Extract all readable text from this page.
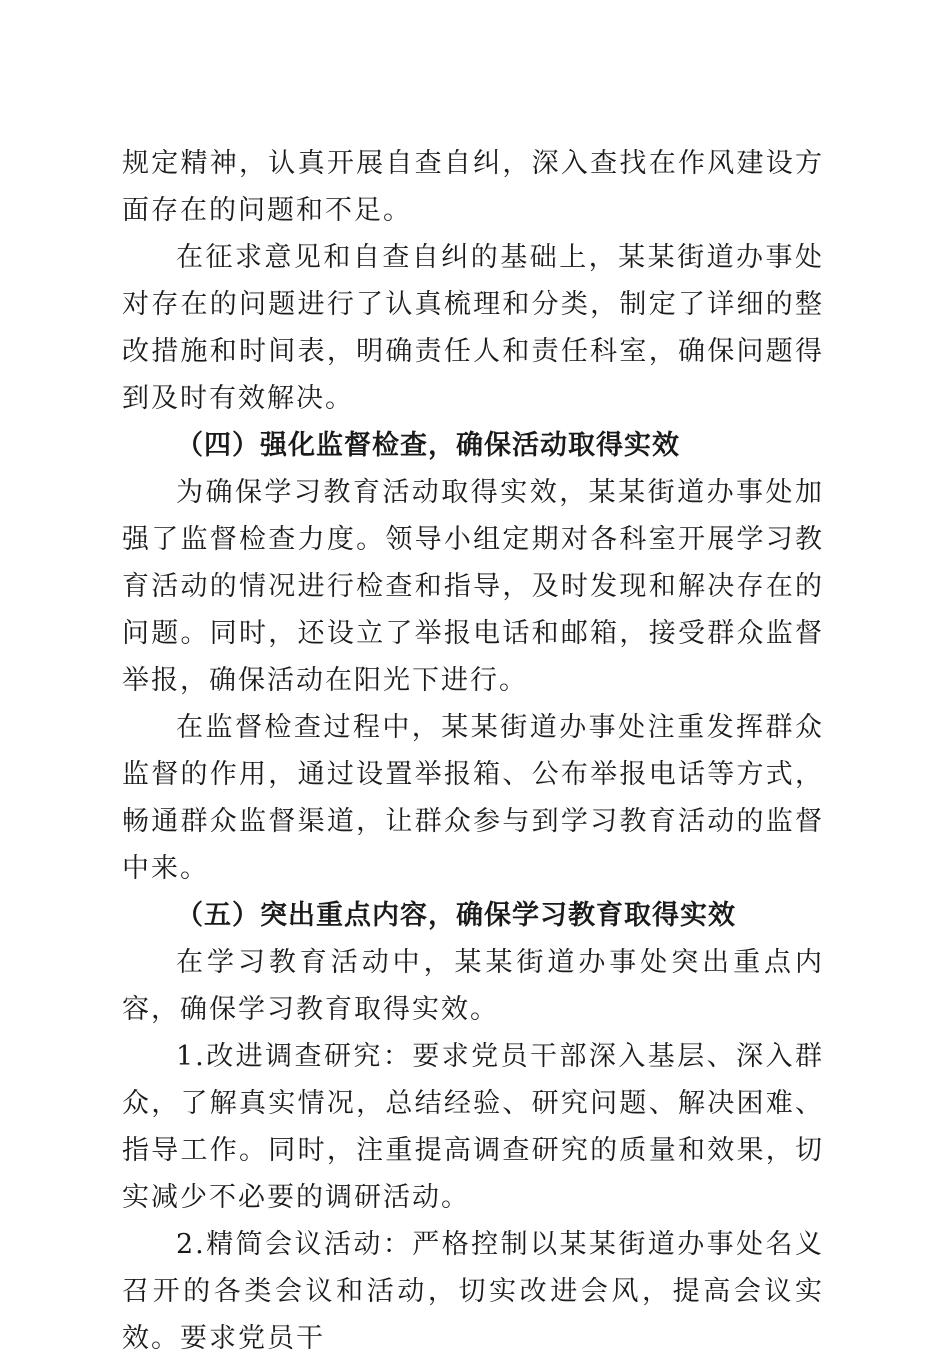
规定精神，认真开展自查自纠，深入查找在作风建设方面存在的问题和不足。

在征求意见和自查自纠的基础上，某某街道办事处对存在的问题进行了认真梳理和分类，制定了详细的整改措施和时间表，明确责任人和责任科室，确保问题得到及时有效解决。

（四）强化监督检查，确保活动取得实效

为确保学习教育活动取得实效，某某街道办事处加强了监督检查力度。领导小组定期对各科室开展学习教育活动的情况进行检查和指导，及时发现和解决存在的问题。同时，还设立了举报电话和邮箱，接受群众监督举报，确保活动在阳光下进行。

在监督检查过程中，某某街道办事处注重发挥群众监督的作用，通过设置举报箱、公布举报电话等方式，畅通群众监督渠道，让群众参与到学习教育活动的监督中来。

（五）突出重点内容，确保学习教育取得实效

在学习教育活动中，某某街道办事处突出重点内容，确保学习教育取得实效。

1.改进调查研究：要求党员干部深入基层、深入群众，了解真实情况，总结经验、研究问题、解决困难、指导工作。同时，注重提高调查研究的质量和效果，切实减少不必要的调研活动。

2.精简会议活动：严格控制以某某街道办事处名义召开的各类会议和活动，切实改进会风，提高会议实效。要求党员干
